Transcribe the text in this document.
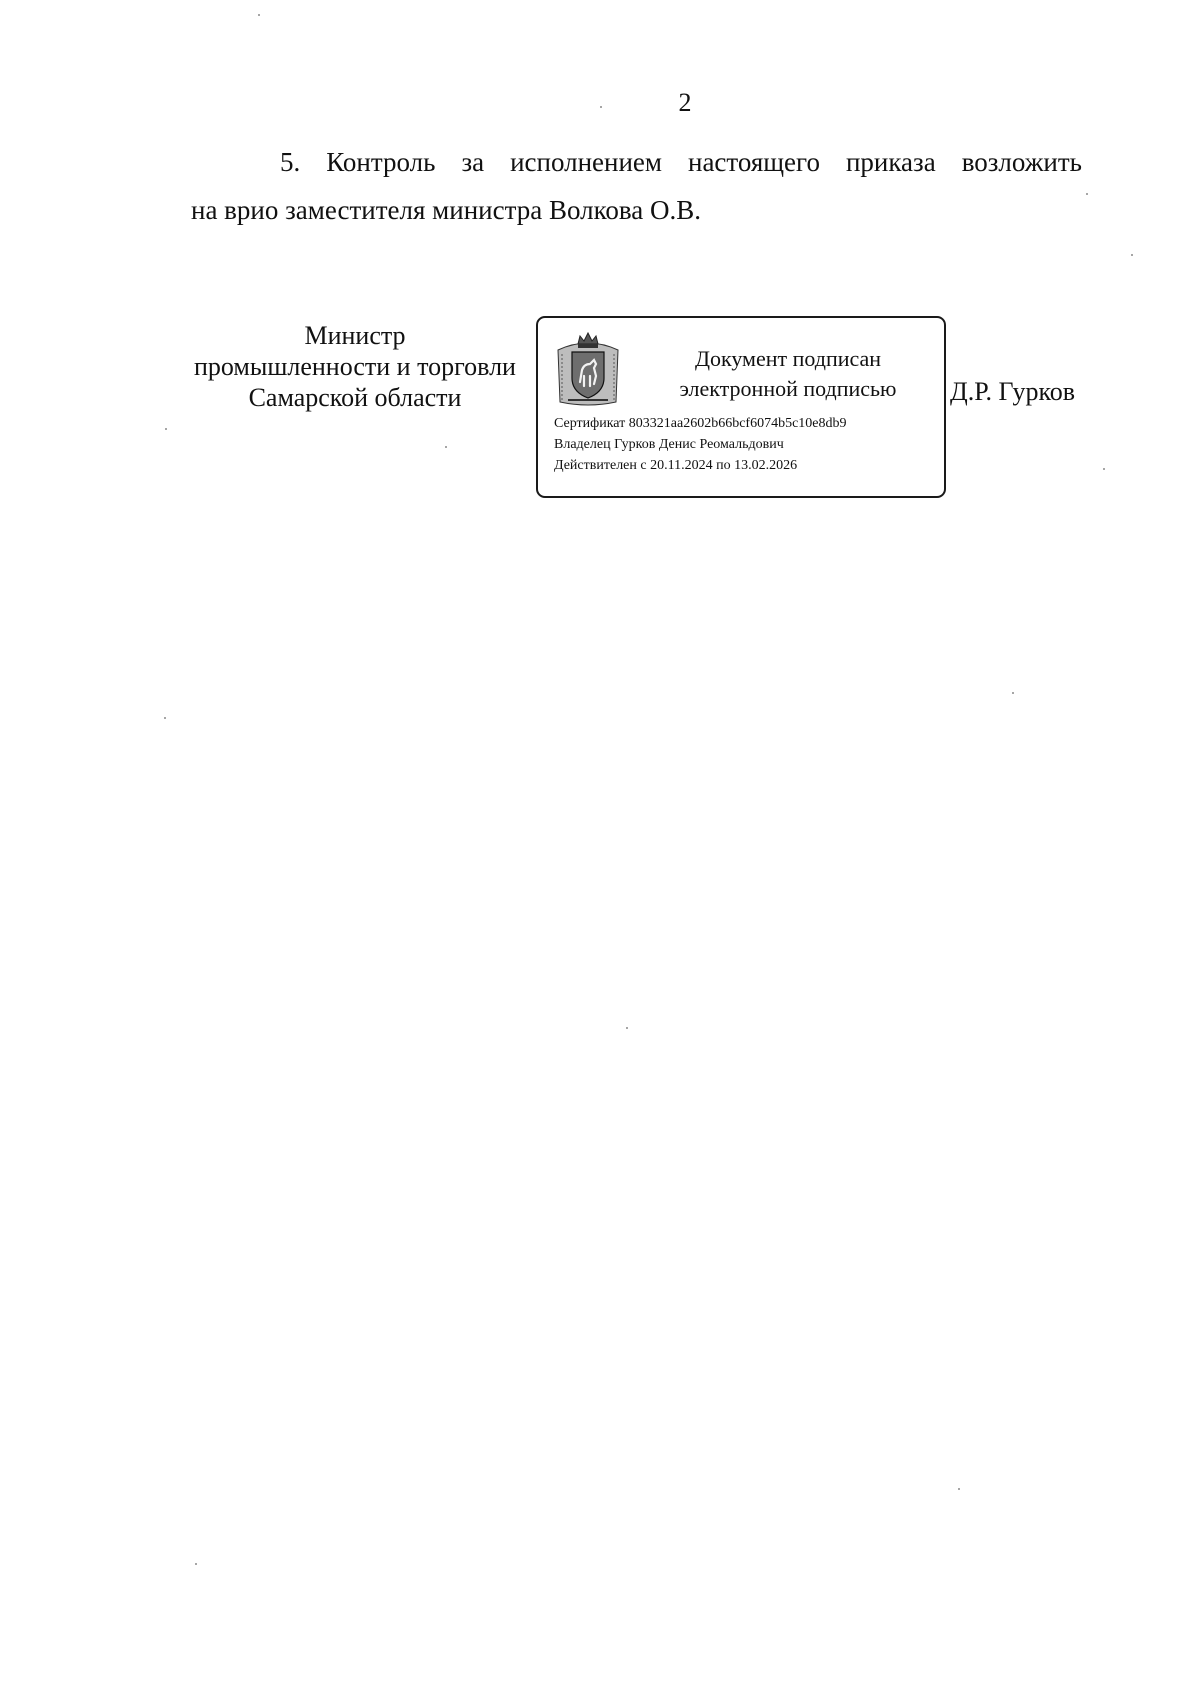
2
5. Контроль за исполнением настоящего приказа возложить
на врио заместителя министра Волкова О.В.
Министр
промышленности и торговли
Самарской области
Документ подписан
электронной подписью
Сертификат 803321aa2602b66bcf6074b5c10e8db9
Владелец Гурков Денис Реомальдович
Действителен с 20.11.2024 по 13.02.2026
Д.Р. Гурков
